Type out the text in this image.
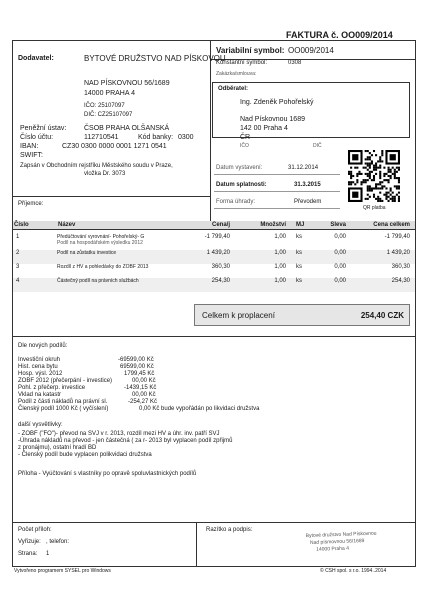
FAKTURA č. OO009/2014
Dodavatel:	BYTOVÉ DRUŽSTVO NAD PÍSKOVOU
NAD PÍSKOVNOU 56/1689
14000 PRAHA 4
IČO: 25107097
DIČ: CZ25107097
Peněžní ústav:	ČSOB PRAHA OLŠANSKÁ
Číslo účtu:	112710541	Kód banky: 0300
IBAN:	CZ30 0300 0000 0001 1271 0541
SWIFT:
Zapsán v Obchodním rejstříku Městského soudu v Praze,
vložka Dr. 3073
Příjemce:
Variabilní symbol: OO009/2014
Konstantní symbol:	0308
Zakázka/smlouva:
Odběratel:
Ing. Zdeněk Pohořelský
Nad Pískovnou 1689
142 00 Praha 4
ČR
IČO	DIČ
Datum vystavení:	31.12.2014
Datum splatnosti:	31.3.2015
Forma úhrady:	Převodem
QR platba
Číslo	Název	Cena/j	Množství MJ	Sleva	Cena celkem
1	Předúčtování vyrovnání- Pohořelský- G
Podíl na hospodářském výsledku 2012
-1 799,40	1,00 ks	0,00	-1 799,40
2	Podíl na zůstatku investice	1 439,20	1,00 ks	0,00	1 439,20
3	Rozdíl z HV a pohledávky do ZOBF 2013	360,30	1,00 ks	0,00	360,30
4	Částečný podíl na právních službách	254,30	1,00 ks	0,00	254,30
Celkem k proplacení	254,40 CZK
Dle nových podílů:
Investiční okruh	-69599,00 Kč
Hist. cena bytu	69599,00 Kč
Hosp. výsl. 2012	1799,45 Kč
ZOBF 2012 (přečerpání - investice)	00,00 Kč
Pohl. z přečerp. investice	-1439,15 Kč
Vklad na katastr	00,00 Kč
Podíl z části nákladů na právní sl.	-254,27 Kč
Členský podíl 1000 Kč ( vyčíslení)	0,00 Kč bude vypořádán po likvidaci družstva
další vysvětlivky:
- ZOBF ("FO")- převod na SVJ v r. 2013, rozdíl mezi HV a úhr. inv. patří SVJ
-Úhrada nákladů na převod - jen částečná ( za r- 2013 byl vyplacen podíl zpřijmů
z pronájmu), ostatní hradí BD
- Členský podíl bude vyplacen polikvidaci družstva
Příloha - Vyúčtování s vlastníky po opravě spoluvlastnických podílů
Počet příloh:
Vyřizuje: , telefon:
Strana: 1
Razítko a podpis:
Bytové družstvo Nad Pískovnou
Nad písmovnou 56/1689
14000 Praha 4
Vytvořeno programem SYSEL pro Windows	© CSH spol. s r.o. 1994..2014
